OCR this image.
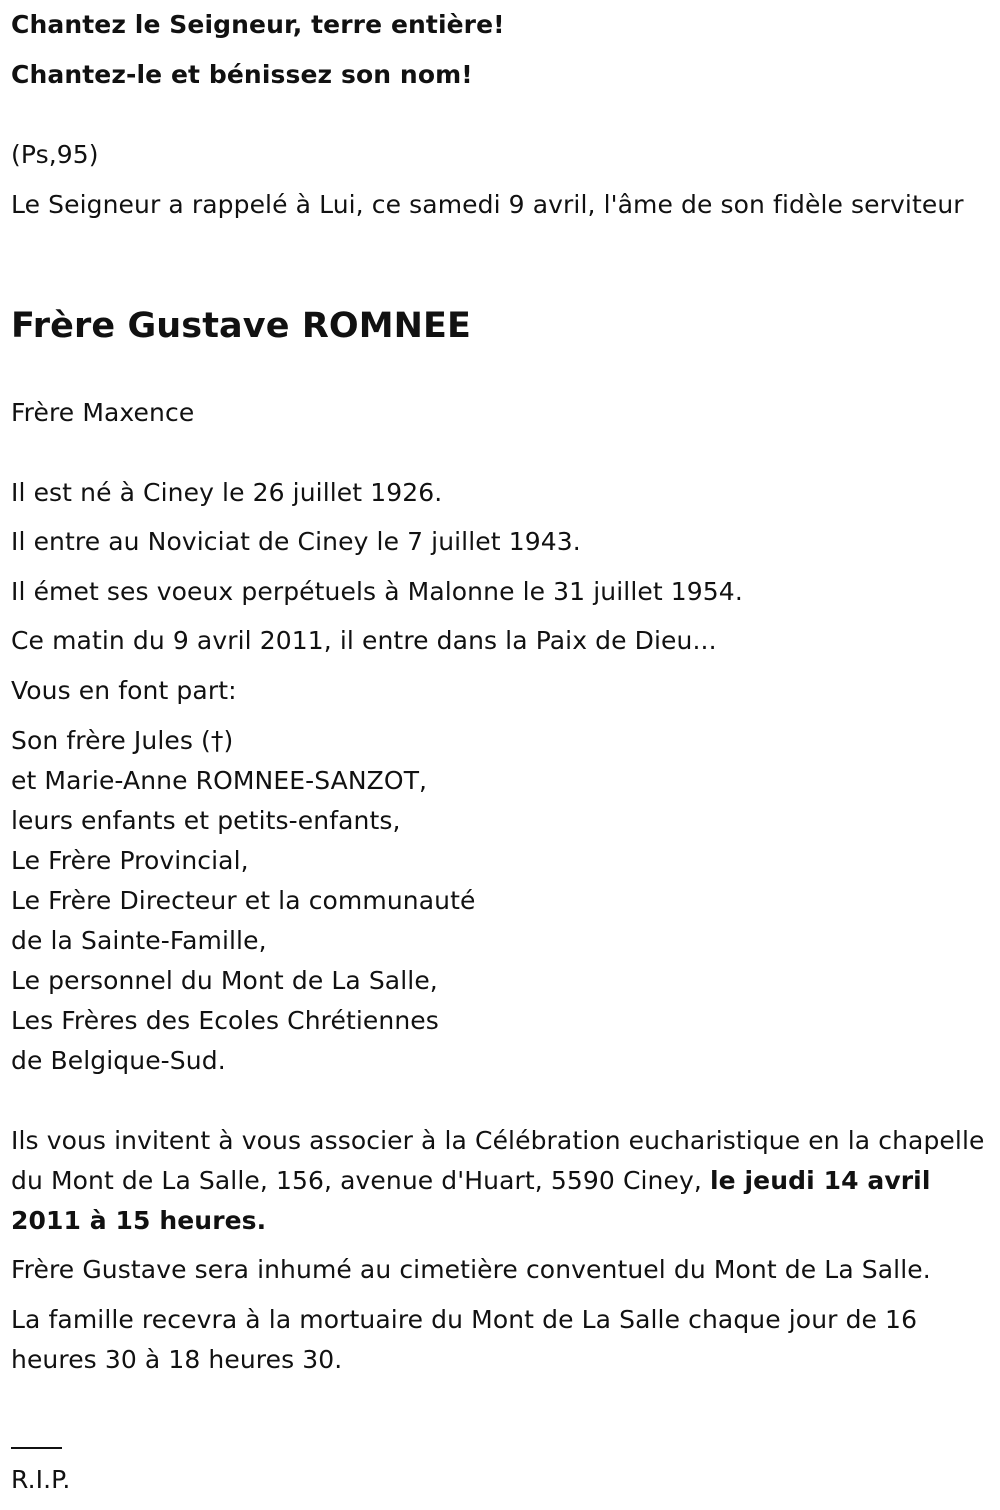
Chantez le Seigneur, terre entière!
Chantez-le et bénissez son nom!
(Ps,95)
Le Seigneur a rappelé à Lui, ce samedi 9 avril, l'âme de son fidèle serviteur
Frère Gustave ROMNEE
Frère Maxence
Il est né à Ciney le 26 juillet 1926.
Il entre au Noviciat de Ciney le 7 juillet 1943.
Il émet ses voeux perpétuels à Malonne le 31 juillet 1954.
Ce matin du 9 avril 2011, il entre dans la Paix de Dieu...
Vous en font part:
Son frère Jules (†)
et Marie-Anne ROMNEE-SANZOT,
leurs enfants et petits-enfants,
Le Frère Provincial,
Le Frère Directeur et la communauté
de la Sainte-Famille,
Le personnel du Mont de La Salle,
Les Frères des Ecoles Chrétiennes
de Belgique-Sud.
Ils vous invitent à vous associer à la Célébration eucharistique en la chapelle du Mont de La Salle, 156, avenue d'Huart, 5590 Ciney, le jeudi 14 avril 2011 à 15 heures.
Frère Gustave sera inhumé au cimetière conventuel du Mont de La Salle.
La famille recevra à la mortuaire du Mont de La Salle chaque jour de 16 heures 30 à 18 heures 30.
R.I.P.
